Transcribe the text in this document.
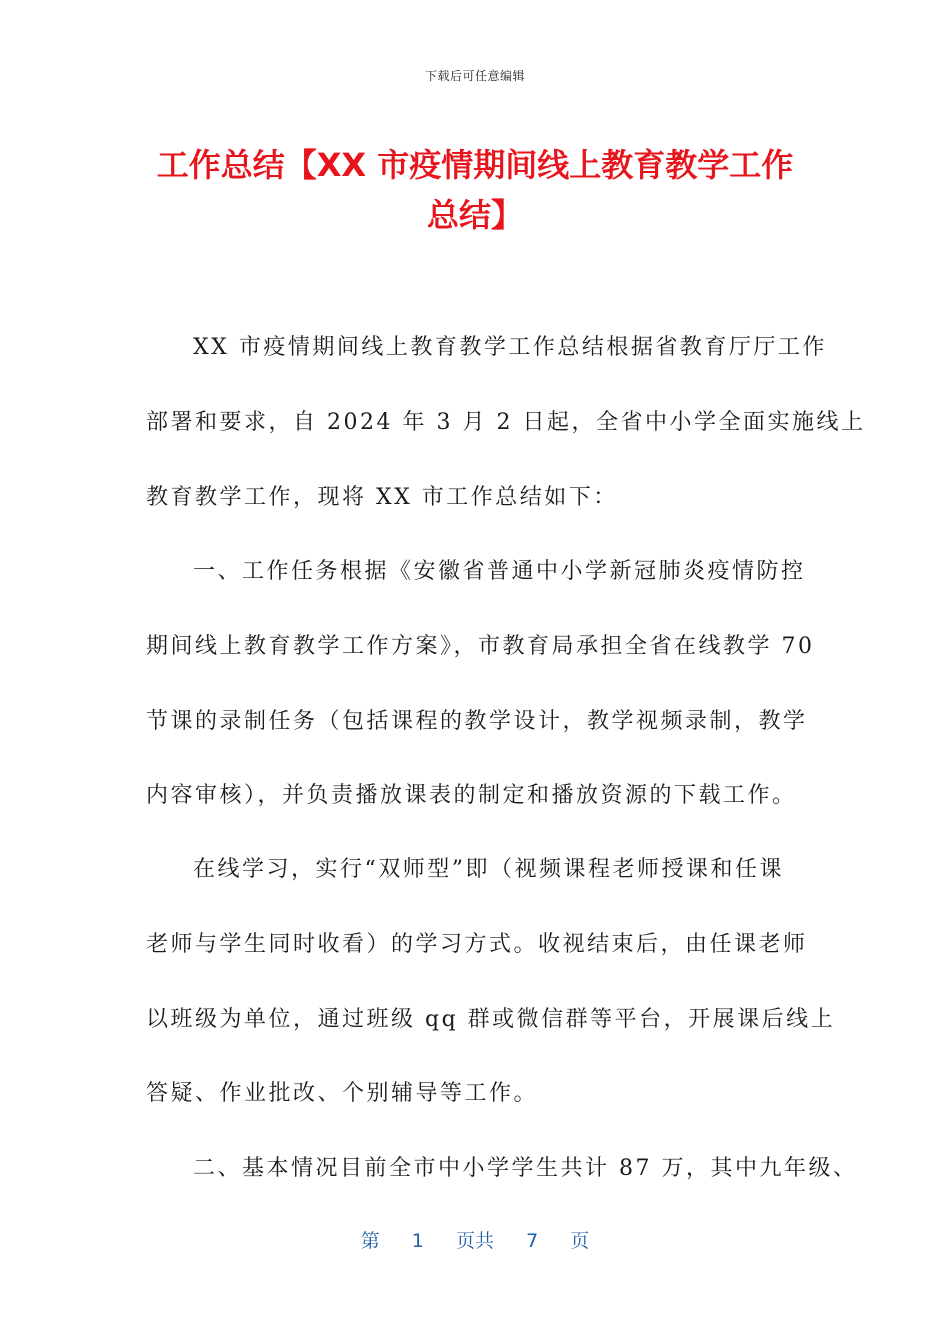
下载后可任意编辑
工作总结【XX 市疫情期间线上教育教学工作
总结】
XX 市疫情期间线上教育教学工作总结根据省教育厅厅工作
部署和要求，自 2024 年 3 月 2 日起，全省中小学全面实施线上
教育教学工作，现将 XX 市工作总结如下：
一、工作任务根据《安徽省普通中小学新冠肺炎疫情防控
期间线上教育教学工作方案》，市教育局承担全省在线教学 70
节课的录制任务（包括课程的教学设计，教学视频录制，教学
内容审核），并负责播放课表的制定和播放资源的下载工作。
在线学习，实行“双师型”即（视频课程老师授课和任课
老师与学生同时收看）的学习方式。收视结束后，由任课老师
以班级为单位，通过班级 qq 群或微信群等平台，开展课后线上
答疑、作业批改、个别辅导等工作。
二、基本情况目前全市中小学学生共计 87 万，其中九年级、
第 1 页共 7 页
